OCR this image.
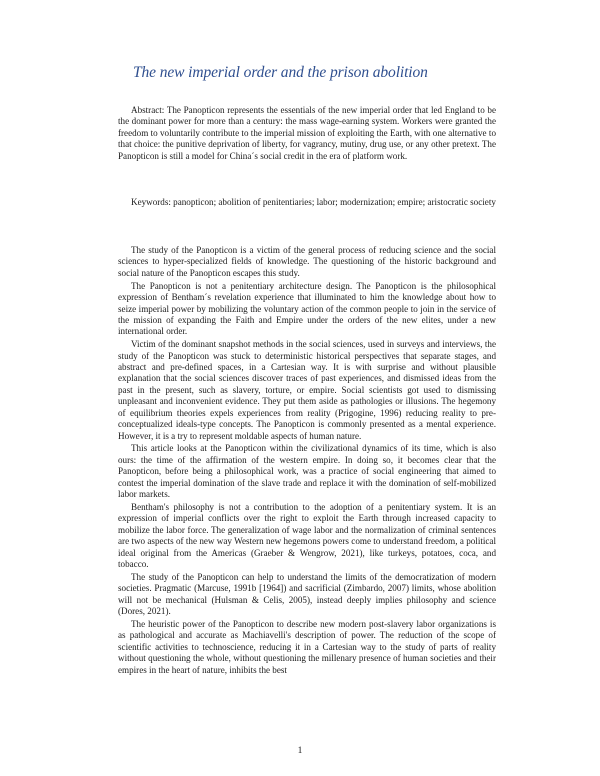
The new imperial order and the prison abolition
Abstract: The Panopticon represents the essentials of the new imperial order that led England to be the dominant power for more than a century: the mass wage-earning system. Workers were granted the freedom to voluntarily contribute to the imperial mission of exploiting the Earth, with one alternative to that choice: the punitive deprivation of liberty, for vagrancy, mutiny, drug use, or any other pretext. The Panopticon is still a model for China´s social credit in the era of platform work.
Keywords: panopticon; abolition of penitentiaries; labor; modernization; empire; aristocratic society

The study of the Panopticon is a victim of the general process of reducing science and the social sciences to hyper-specialized fields of knowledge. The questioning of the historic background and social nature of the Panopticon escapes this study.

The Panopticon is not a penitentiary architecture design. The Panopticon is the philosophical expression of Bentham´s revelation experience that illuminated to him the knowledge about how to seize imperial power by mobilizing the voluntary action of the common people to join in the service of the mission of expanding the Faith and Empire under the orders of the new elites, under a new international order.

Victim of the dominant snapshot methods in the social sciences, used in surveys and interviews, the study of the Panopticon was stuck to deterministic historical perspectives that separate stages, and abstract and pre-defined spaces, in a Cartesian way. It is with surprise and without plausible explanation that the social sciences discover traces of past experiences, and dismissed ideas from the past in the present, such as slavery, torture, or empire. Social scientists got used to dismissing unpleasant and inconvenient evidence. They put them aside as pathologies or illusions. The hegemony of equilibrium theories expels experiences from reality (Prigogine, 1996) reducing reality to pre-conceptualized ideals-type concepts. The Panopticon is commonly presented as a mental experience. However, it is a try to represent moldable aspects of human nature.

This article looks at the Panopticon within the civilizational dynamics of its time, which is also ours: the time of the affirmation of the western empire. In doing so, it becomes clear that the Panopticon, before being a philosophical work, was a practice of social engineering that aimed to contest the imperial domination of the slave trade and replace it with the domination of self-mobilized labor markets.

Bentham's philosophy is not a contribution to the adoption of a penitentiary system. It is an expression of imperial conflicts over the right to exploit the Earth through increased capacity to mobilize the labor force. The generalization of wage labor and the normalization of criminal sentences are two aspects of the new way Western new hegemons powers come to understand freedom, a political ideal original from the Americas (Graeber & Wengrow, 2021), like turkeys, potatoes, coca, and tobacco.

The study of the Panopticon can help to understand the limits of the democratization of modern societies. Pragmatic (Marcuse, 1991b [1964]) and sacrificial (Zimbardo, 2007) limits, whose abolition will not be mechanical (Hulsman & Celis, 2005), instead deeply implies philosophy and science (Dores, 2021).

The heuristic power of the Panopticon to describe new modern post-slavery labor organizations is as pathological and accurate as Machiavelli's description of power. The reduction of the scope of scientific activities to technoscience, reducing it in a Cartesian way to the study of parts of reality without questioning the whole, without questioning the millenary presence of human societies and their empires in the heart of nature, inhibits the best

1
